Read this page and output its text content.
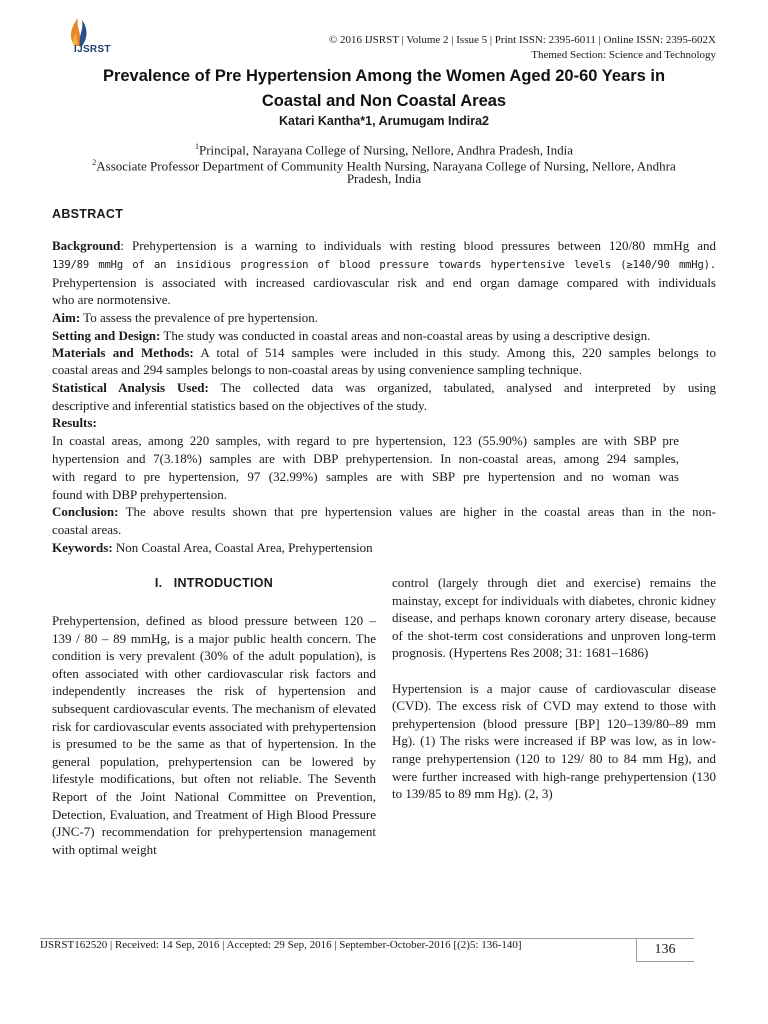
IJSRST
© 2016 IJSRST | Volume 2 | Issue 5 | Print ISSN: 2395-6011 | Online ISSN: 2395-602X
Themed Section: Science and Technology
Prevalence of Pre Hypertension Among the Women Aged 20-60 Years in
Coastal and Non Coastal Areas
Katari Kantha*1, Arumugam Indira2
$^1$Principal, Narayana College of Nursing, Nellore, Andhra Pradesh, India
$^2$Associate Professor Department of Community Health Nursing, Narayana College of Nursing, Nellore, Andhra
Pradesh, India
ABSTRACT
Background: Prehypertension is a warning to individuals with resting blood pressures between 120/80 mmHg and
139/89 mmHg of an insidious progression of blood pressure towards hypertensive levels (≥140/90 mmHg).
Prehypertension is associated with increased cardiovascular risk and end organ damage compared with individuals
who are normotensive.
Aim: To assess the prevalence of pre hypertension.
Setting and Design: The study was conducted in coastal areas and non-coastal areas by using a descriptive design.
Materials and Methods: A total of 514 samples were included in this study. Among this, 220 samples belongs to
coastal areas and 294 samples belongs to non-coastal areas by using convenience sampling technique.
Statistical Analysis Used: The collected data was organized, tabulated, analysed and interpreted by using
descriptive and inferential statistics based on the objectives of the study.
Results:
In coastal areas, among 220 samples, with regard to pre hypertension, 123 (55.90%) samples are with SBP pre
hypertension and 7(3.18%) samples are with DBP prehypertension. In non-coastal areas, among 294 samples,
with regard to pre hypertension, 97 (32.99%) samples are with SBP pre hypertension and no woman was
found with DBP prehypertension.
Conclusion: The above results shown that pre hypertension values are higher in the coastal areas than in the non-
coastal areas.
Keywords: Non Coastal Area, Coastal Area, Prehypertension
I.   INTRODUCTION

Prehypertension, defined as blood pressure between 120 – 139 / 80 – 89 mmHg, is a major public health concern. The condition is very prevalent (30% of the adult population), is often associated with other cardiovascular risk factors and independently increases the risk of hypertension and subsequent cardiovascular events. The mechanism of elevated risk for cardiovascular events associated with prehypertension is presumed to be the same as that of hypertension. In the general population, prehypertension can be lowered by lifestyle modifications, but often not reliable. The Seventh Report of the Joint National Committee on Prevention, Detection, Evaluation, and Treatment of High Blood Pressure (JNC-7) recommendation for prehypertension management with optimal weight

control (largely through diet and exercise) remains the mainstay, except for individuals with diabetes, chronic kidney disease, and perhaps known coronary artery disease, because of the shot-term cost considerations and unproven long-term prognosis. (Hypertens Res 2008; 31: 1681–1686)

Hypertension is a major cause of cardiovascular disease (CVD). The excess risk of CVD may extend to those with prehypertension (blood pressure [BP] 120–139/80–89 mm Hg). (1) The risks were increased if BP was low, as in low-range prehypertension (120 to 129/ 80 to 84 mm Hg), and were further increased with high-range prehypertension (130 to 139/85 to 89 mm Hg). (2, 3)

IJSRST162520 | Received: 14 Sep, 2016 | Accepted: 29 Sep, 2016 | September-October-2016 [(2)5: 136-140]	136
